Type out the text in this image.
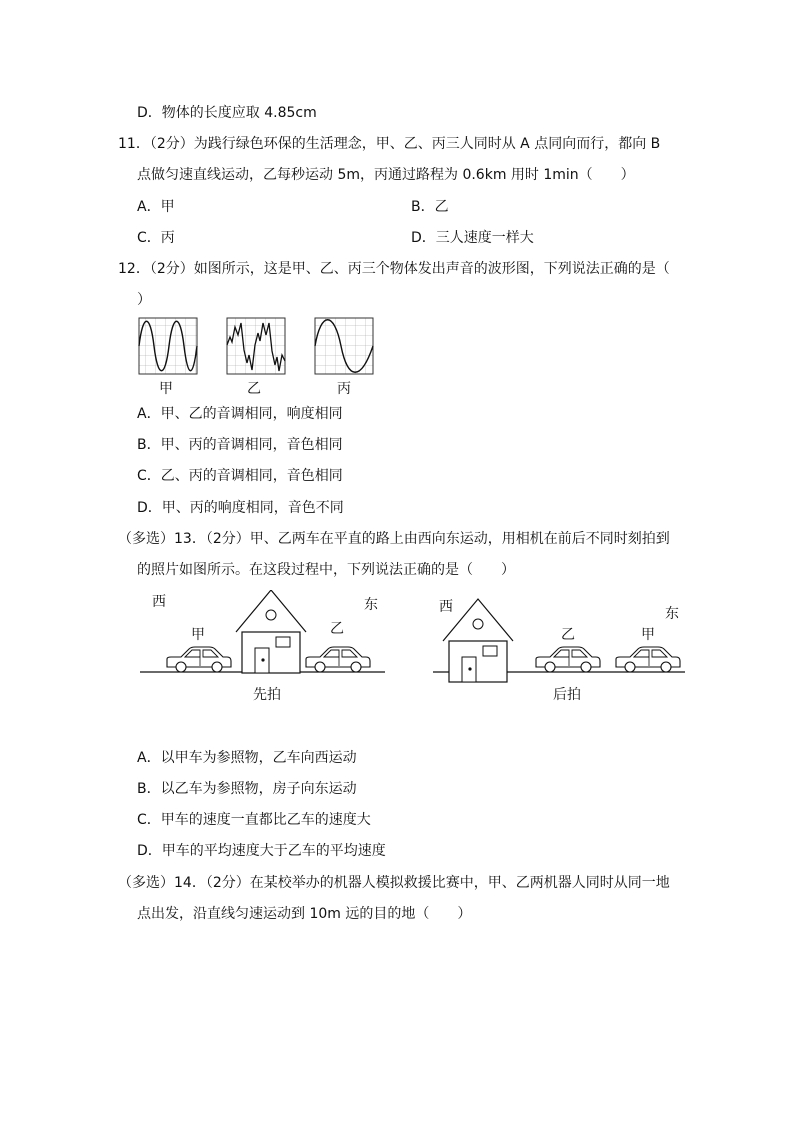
D．物体的长度应取 4.85cm
11．（2分）为践行绿色环保的生活理念，甲、乙、丙三人同时从 A 点同向而行，都向 B
点做匀速直线运动，乙每秒运动 5m，丙通过路程为 0.6km 用时 1min（　　）
A．甲	B．乙
C．丙	D．三人速度一样大
12．（2分）如图所示，这是甲、乙、丙三个物体发出声音的波形图，下列说法正确的是（
）
甲	乙	丙
A．甲、乙的音调相同，响度相同
B．甲、丙的音调相同，音色相同
C．乙、丙的音调相同，音色相同
D．甲、丙的响度相同，音色不同
（多选）13．（2分）甲、乙两车在平直的路上由西向东运动，用相机在前后不同时刻拍到
的照片如图所示。在这段过程中，下列说法正确的是（　　）
西	东
甲	乙
先拍
西	东
乙	甲
后拍
A．以甲车为参照物，乙车向西运动
B．以乙车为参照物，房子向东运动
C．甲车的速度一直都比乙车的速度大
D．甲车的平均速度大于乙车的平均速度
（多选）14．（2分）在某校举办的机器人模拟救援比赛中，甲、乙两机器人同时从同一地
点出发，沿直线匀速运动到 10m 远的目的地（　　）
